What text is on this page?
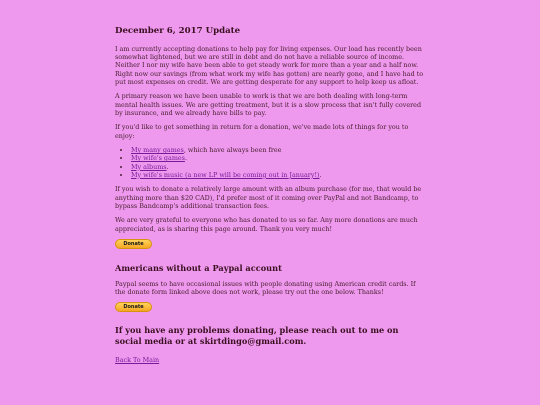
December 6, 2017 Update

I am currently accepting donations to help pay for living expenses. Our load has recently been somewhat lightened, but we are still in debt and do not have a reliable source of income. Neither I nor my wife have been able to get steady work for more than a year and a half now. Right now our savings (from what work my wife has gotten) are nearly gone, and I have had to put most expenses on credit. We are getting desperate for any support to help keep us afloat.

A primary reason we have been unable to work is that we are both dealing with long-term mental health issues. We are getting treatment, but it is a slow process that isn't fully covered by insurance, and we already have bills to pay.

If you'd like to get something in return for a donation, we've made lots of things for you to enjoy:

• My many games, which have always been free
• My wife's games.
• My albums.
• My wife's music (a new LP will be coming out in January!).

If you wish to donate a relatively large amount with an album purchase (for me, that would be anything more than $20 CAD), I'd prefer most of it coming over PayPal and not Bandcamp, to bypass Bandcamp's additional transaction fees.

We are very grateful to everyone who has donated to us so far. Any more donations are much appreciated, as is sharing this page around. Thank you very much!

Donate
Americans without a Paypal account

Paypal seems to have occasional issues with people donating using American credit cards. If the donate form linked above does not work, please try out the one below. Thanks!

Donate
If you have any problems donating, please reach out to me on social media or at skirtdingo@gmail.com.
Back To Main
